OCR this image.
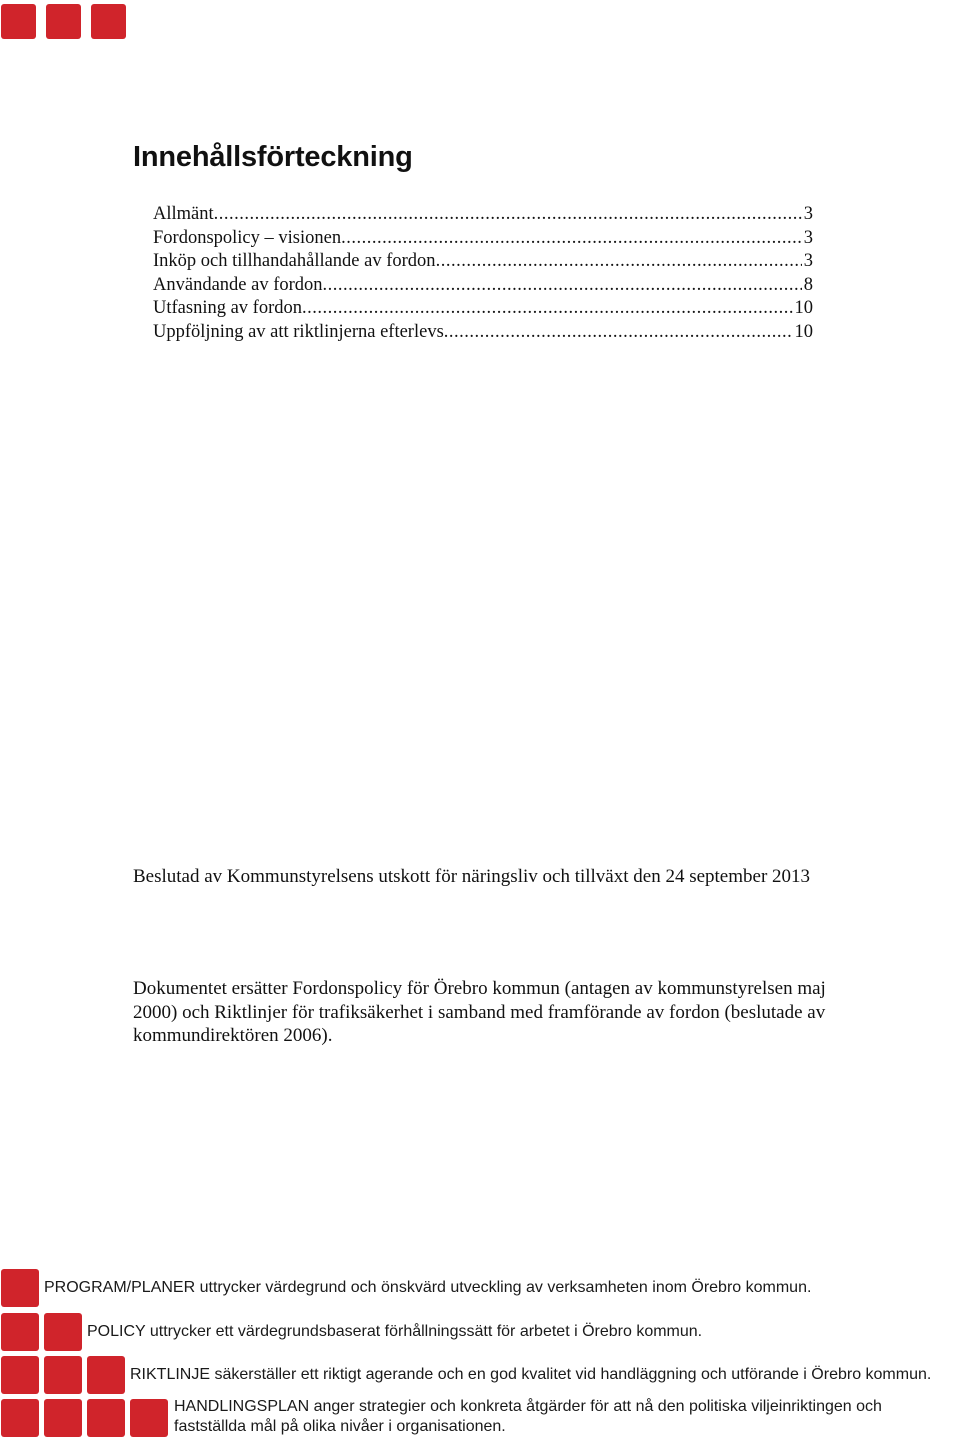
Innehållsförteckning
Allmänt .....	3
Fordonspolicy – visionen .....	3
Inköp och tillhandahållande av fordon .....	3
Användande av fordon .....	8
Utfasning av fordon .....	10
Uppföljning av att riktlinjerna efterlevs .....	10

Beslutad av Kommunstyrelsens utskott för näringsliv och tillväxt den 24 september 2013

Dokumentet ersätter Fordonspolicy för Örebro kommun (antagen av kommunstyrelsen maj 2000) och Riktlinjer för trafiksäkerhet i samband med framförande av fordon (beslutade av kommundirektören 2006).

PROGRAM/PLANER uttrycker värdegrund och önskvärd utveckling av verksamheten inom Örebro kommun.

POLICY uttrycker ett värdegrundsbaserat förhållningssätt för arbetet i Örebro kommun.

RIKTLINJE säkerställer ett riktigt agerande och en god kvalitet vid handläggning och utförande i Örebro kommun.

HANDLINGSPLAN anger strategier och konkreta åtgärder för att nå den politiska viljeinriktingen och
fastställda mål på olika nivåer i organisationen.
